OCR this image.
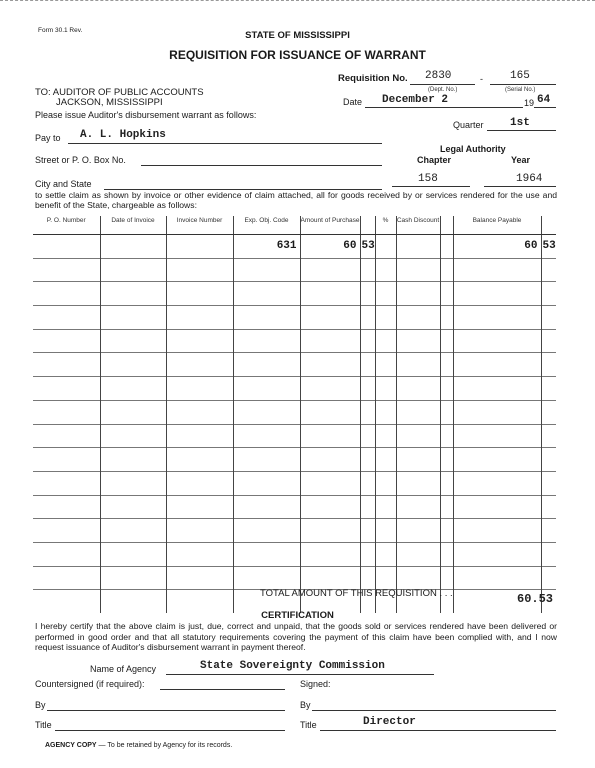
Form 30.1 Rev.	STATE OF MISSISSIPPI
REQUISITION FOR ISSUANCE OF WARRANT
Requisition No. 2830	- 165
(Dept. No.)	(Serial No.)
TO: AUDITOR OF PUBLIC ACCOUNTS
JACKSON, MISSISSIPPI
Please issue Auditor's disbursement warrant as follows:
Date December 2	19 64
Quarter 1st
Pay to A. L. Hopkins
Legal Authority
Chapter	Year
Street or P. O. Box No.
City and State	158	1964
to settle claim as shown by invoice or other evidence of claim attached, all for goods received by or services rendered for the use and benefit of the State, chargeable as follows:
P. O. Number	Date of Invoice	Invoice Number	Exp. Obj. Code	Amount of Purchase		%	Cash Discount		Balance Payable	
			631	60	53				60	53

TOTAL AMOUNT OF THIS REQUISITION . . .	60.53
CERTIFICATION
I hereby certify that the above claim is just, due, correct and unpaid, that the goods sold or services rendered have been delivered or performed in good order and that all statutory requirements covering the payment of this claim have been complied with, and I now request issuance of Auditor's disbursement warrant in payment thereof.
Name of Agency	State Sovereignty Commission
Countersigned (if required):	Signed:
By	By
Title	Title	Director
AGENCY COPY — To be retained by Agency for its records.
